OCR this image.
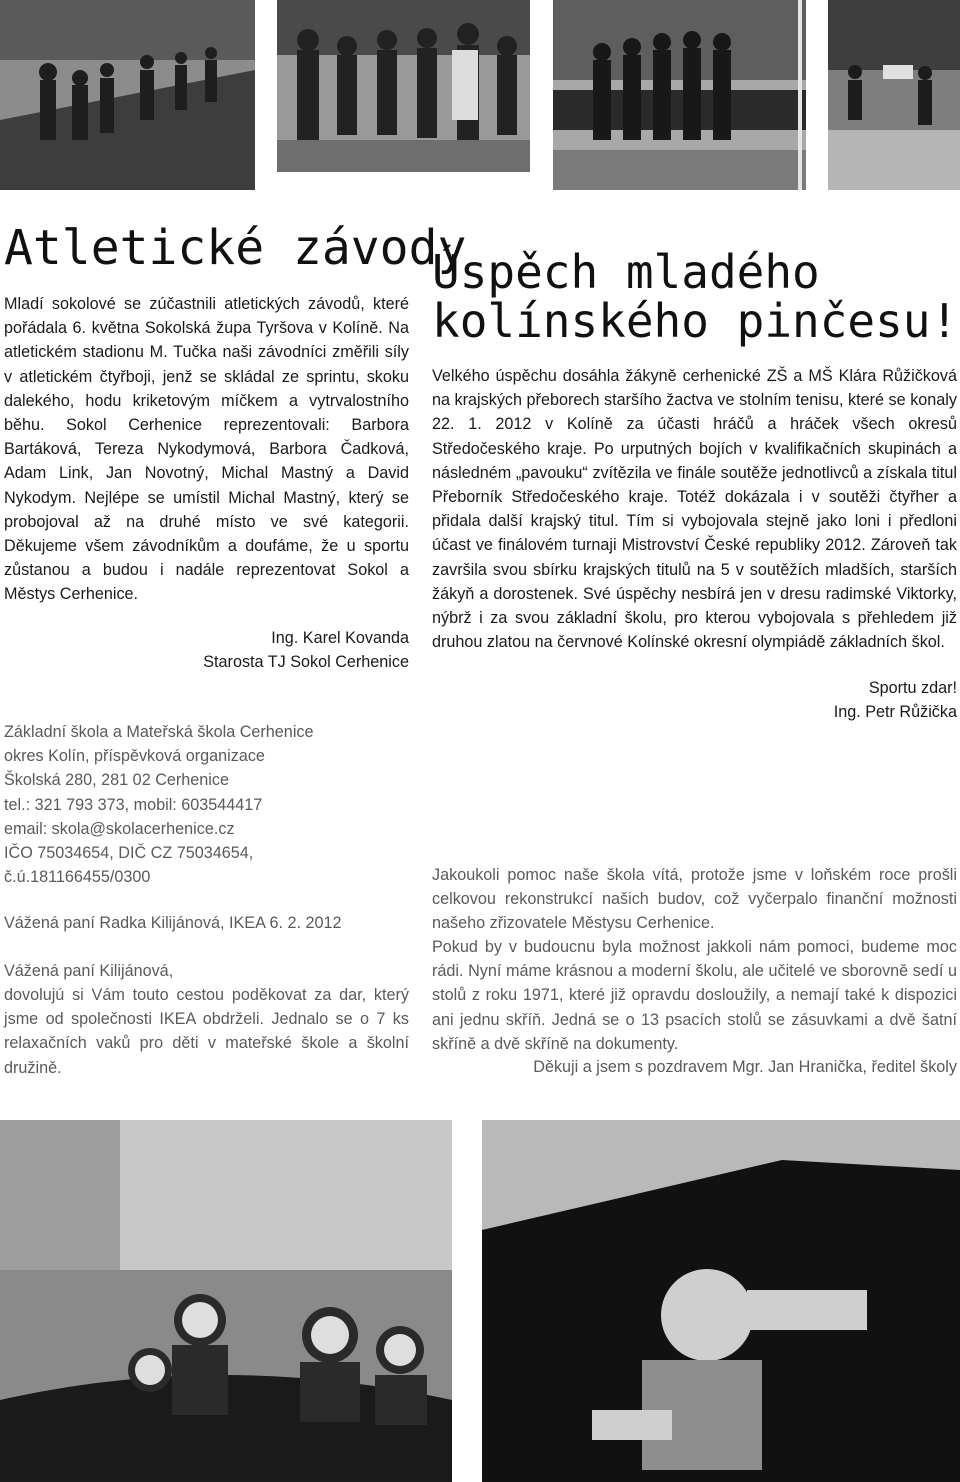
Atletické závody

Mladí sokolové se zúčastnili atletických závodů, které pořádala 6. května Sokolská župa Tyršova v Kolíně. Na atletickém stadionu M. Tučka naši závodníci změřili síly v atletickém čtyřboji, jenž se skládal ze sprintu, skoku dalekého, hodu kriketovým míčkem a vytrvalostního běhu. Sokol Cerhenice reprezentovali: Barbora Bartáková, Tereza Nykodymová, Barbora Čadková, Adam Link, Jan Novotný, Michal Mastný a David Nykodym. Nejlépe se umístil Michal Mastný, který se probojoval až na druhé místo ve své kategorii. Děkujeme všem závodníkům a doufáme, že u sportu zůstanou a budou i nadále reprezentovat Sokol a Městys Cerhenice.

Ing. Karel Kovanda

Starosta TJ Sokol Cerhenice

Úspěch mladého
kolínského pinčesu!

Velkého úspěchu dosáhla žákyně cerhenické ZŠ a MŠ Klára Růžičková na krajských přeborech staršího žactva ve stolním tenisu, které se konaly 22. 1. 2012 v Kolíně za účasti hráčů a hráček všech okresů Středočeského kraje. Po urputných bojích v kvalifikačních skupinách a následném „pavouku“ zvítězila ve finále soutěže jednotlivců a získala titul Přeborník Středočeského kraje. Totéž dokázala i v soutěži čtyřher a přidala další krajský titul. Tím si vybojovala stejně jako loni i předloni účast ve finálovém turnaji Mistrovství České republiky 2012. Zároveň tak završila svou sbírku krajských titulů na 5 v soutěžích mladších, starších žákyň a dorostenek. Své úspěchy nesbírá jen v dresu radimské Viktorky, nýbrž i za svou základní školu, pro kterou vybojovala s přehledem již druhou zlatou na červnové Kolínské okresní olympiádě základních škol.

Sportu zdar!

Ing. Petr Růžička

Základní škola a Mateřská škola Cerhenice
okres Kolín, příspěvková organizace
Školská 280, 281 02 Cerhenice
tel.: 321 793 373, mobil: 603544417
email: skola@skolacerhenice.cz
IČO 75034654, DIČ CZ 75034654,
č.ú.181166455/0300

Vážená paní Radka Kilijánová, IKEA 6. 2. 2012

Vážená paní Kilijánová,

dovolujú si Vám touto cestou poděkovat za dar, který jsme od společnosti IKEA obdrželi. Jednalo se o 7 ks relaxačních vaků pro děti v mateřské škole a školní družině.

Jakoukoli pomoc naše škola vítá, protože jsme v loňském roce prošli celkovou rekonstrukcí našich budov, což vyčerpalo finanční možnosti našeho zřizovatele Městysu Cerhenice.

Pokud by v budoucnu byla možnost jakkoli nám pomoci, budeme moc rádi. Nyní máme krásnou a moderní školu, ale učitelé ve sborovně sedí u stolů z roku 1971, které již opravdu dosloužily, a nemají také k dispozici ani jednu skříň. Jedná se o 13 psacích stolů se zásuvkami a dvě šatní skříně a dvě skříně na dokumenty.

Děkuji a jsem s pozdravem Mgr. Jan Hranička, ředitel školy
